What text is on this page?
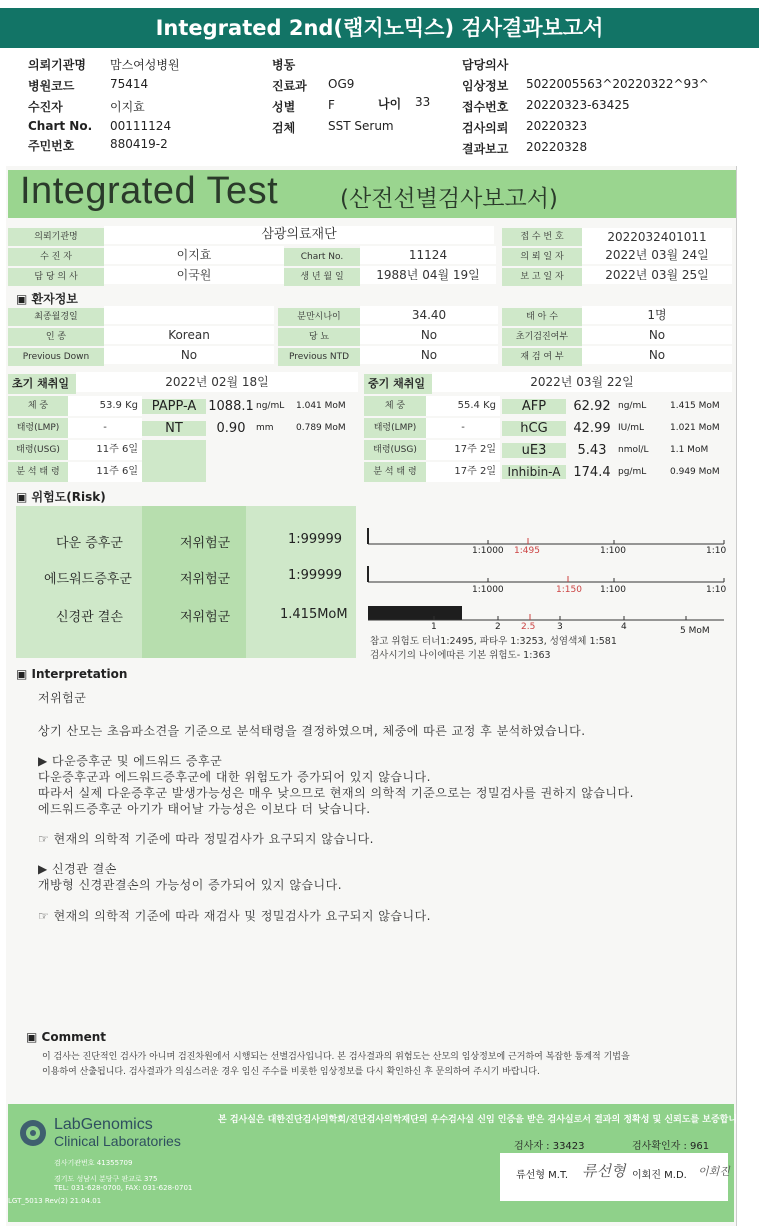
Integrated 2nd(랩지노믹스) 검사결과보고서
의뢰기관명	맘스여성병원
병원코드	75414
수진자	이지효
Chart No.	00111124
주민번호	880419-2
병동
진료과	OG9
성별	F
검체	SST Serum
나이 33
담당의사
임상정보	5022005563^20220322^93^
접수번호	20220323-63425
검사의뢰	20220323
결과보고	20220328
Integrated Test	(산전선별검사보고서)
의뢰기관명	삼광의료재단	접 수 번 호	2022032401011
수 진 자	이지효	Chart No.	11124	의 뢰 일 자	2022년 03월 24일
담 당 의 사	이국원	생 년 월 일	1988년 04월 19일	보 고 일 자	2022년 03월 25일
▣ 환자정보
최종월경일	분만시나이	34.40	태 아 수	1명
인 종	Korean	당 뇨	No	초기검진여부	No
Previous Down	No	Previous NTD	No	재 검 여 부	No
초기 채취일	2022년 02월 18일
체 중	53.9 Kg
태령(LMP)	-
태령(USG)	11주 6일
분 석 태 령	11주 6일
PAPP-A 1088.1 ng/mL	1.041 MoM
NT	0.90	mm	0.789 MoM
중기 채취일	2022년 03월 22일
체 중	55.4 Kg
태령(LMP)	-
태령(USG)	17주 2일
분 석 태 령	17주 2일
AFP	62.92 ng/mL	1.415 MoM
hCG	42.99 IU/mL	1.021 MoM
uE3	5.43	nmol/L	1.1 MoM
Inhibin-A 174.4 pg/mL	0.949 MoM
▣ 위험도(Risk)
다운 증후군	저위험군	1:99999
에드워드증후군	저위험군	1:99999
신경관 결손	저위험군	1.415MoM
1:1000 1:495	1:100	1:10
1:1000	1:150 1:100	1:10
1	2 2.5 3	4	5 MoM
참고 위험도 터너1:2495, 파타우 1:3253, 성염색체 1:581
검사시기의 나이에따른 기본 위험도- 1:363
▣ Interpretation
저위험군
상기 산모는 초음파소견을 기준으로 분석태령을 결정하였으며, 체중에 따른 교정 후 분석하였습니다.
▶ 다운증후군 및 에드워드 증후군
다운증후군과 에드워드증후군에 대한 위험도가 증가되어 있지 않습니다.
따라서 실제 다운증후군 발생가능성은 매우 낮으므로 현재의 의학적 기준으로는 정밀검사를 권하지 않습니다.
에드워드증후군 아기가 태어날 가능성은 이보다 더 낮습니다.
☞ 현재의 의학적 기준에 따라 정밀검사가 요구되지 않습니다.
▶ 신경관 결손
개방형 신경관결손의 가능성이 증가되어 있지 않습니다.
☞ 현재의 의학적 기준에 따라 재검사 및 정밀검사가 요구되지 않습니다.
▣ Comment
이 검사는 진단적인 검사가 아니며 검진차원에서 시행되는 선별검사입니다. 본 검사결과의 위험도는 산모의 임상정보에 근거하여 복잡한 통계적 기법을
이용하여 산출됩니다. 검사결과가 의심스러운 경우 임신 주수를 비롯한 임상정보를 다시 확인하신 후 문의하여 주시기 바랍니다.
본 검사실은 대한진단검사의학회/진단검사의학재단의 우수검사실 신임 인증을 받은 검사실로서 결과의 정확성 및 신뢰도를 보증합니다.
LabGenomics
Clinical Laboratories
검사기관번호 41355709
경기도 성남시 분당구 판교로 375
TEL: 031-628-0700, FAX: 031-628-0701
LGT_5013 Rev(2) 21.04.01
검사자 : 33423	검사확인자 : 961
류선형 M.T. 류선형 이회진 M.D. 이회진
